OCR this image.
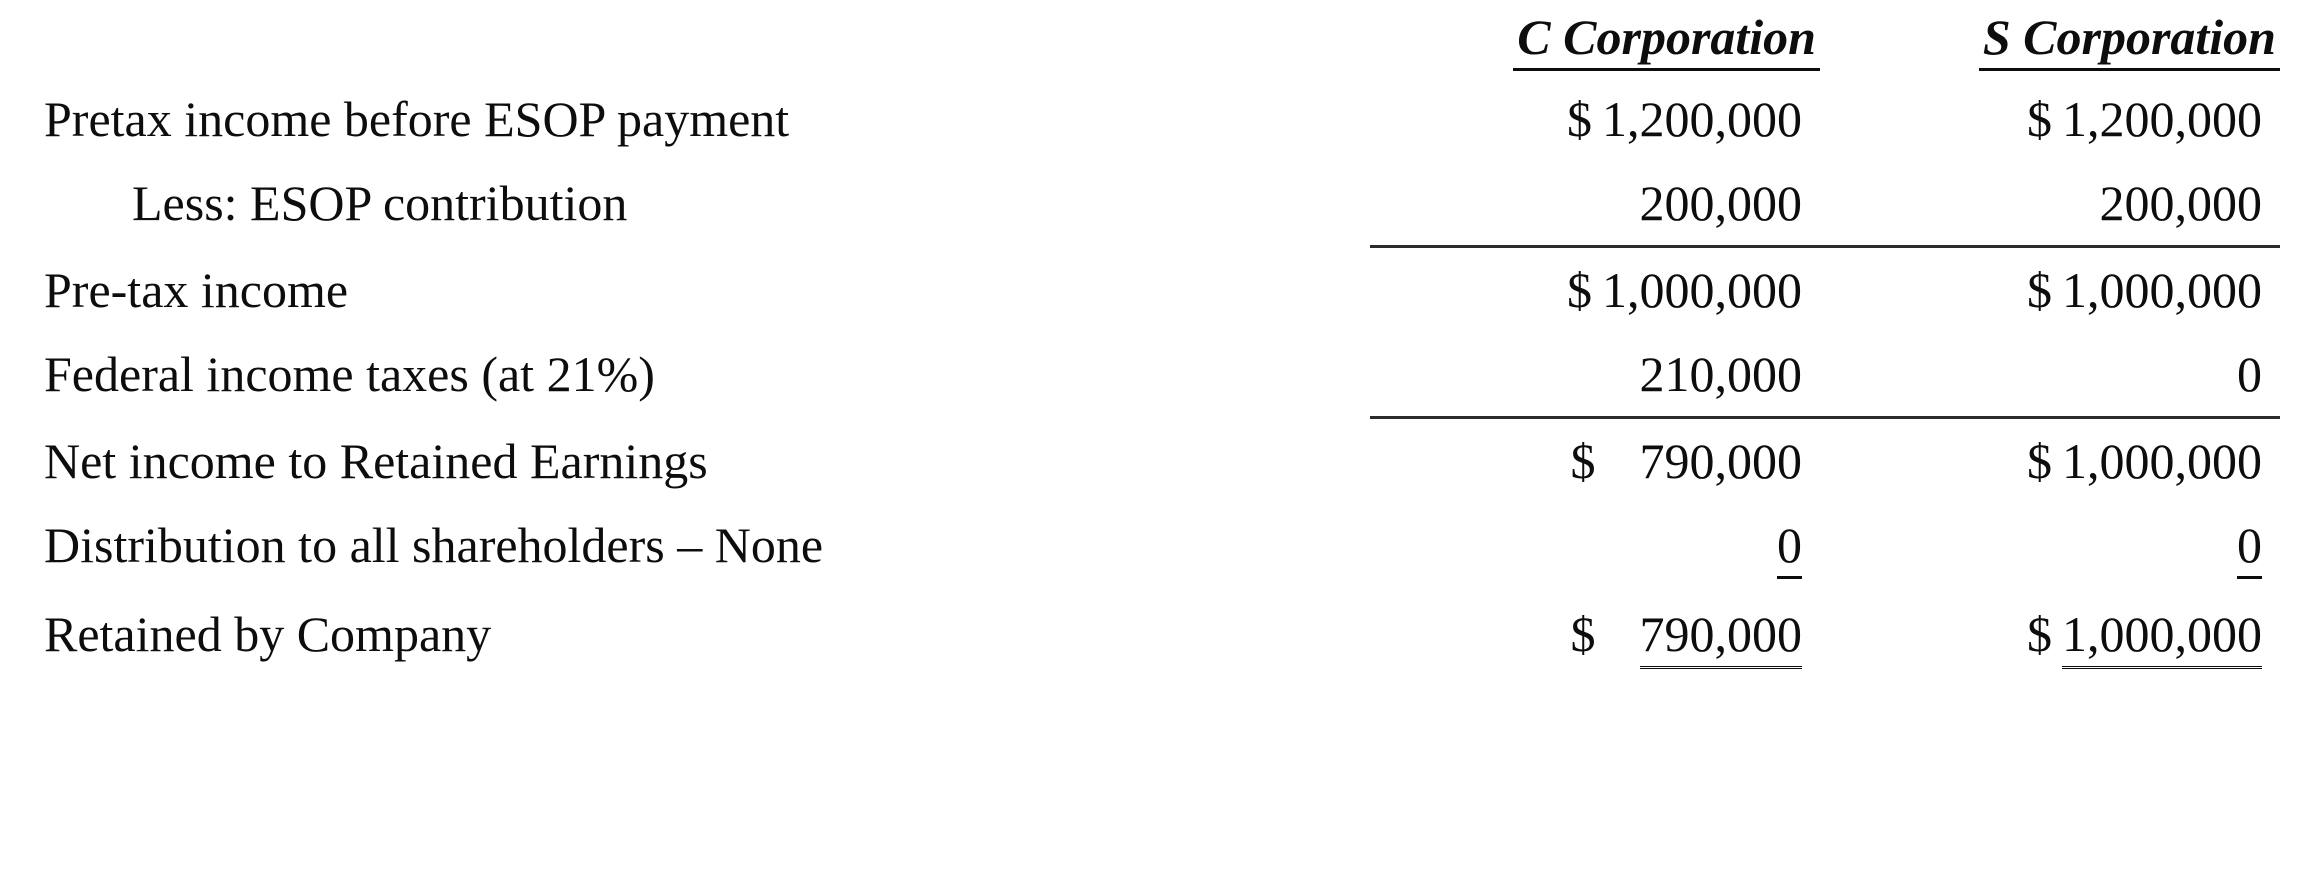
	C Corporation	S Corporation
Pretax income before ESOP payment	$ 1,200,000	$ 1,200,000

Less: ESOP contribution	200,000	200,000

Pre-tax income	$ 1,000,000	$ 1,000,000

Federal income taxes (at 21%)	210,000	0

Net income to Retained Earnings	$ 790,000	$ 1,000,000

Distribution to all shareholders – None	0	0

Retained by Company	$ 790,000	$ 1,000,000
